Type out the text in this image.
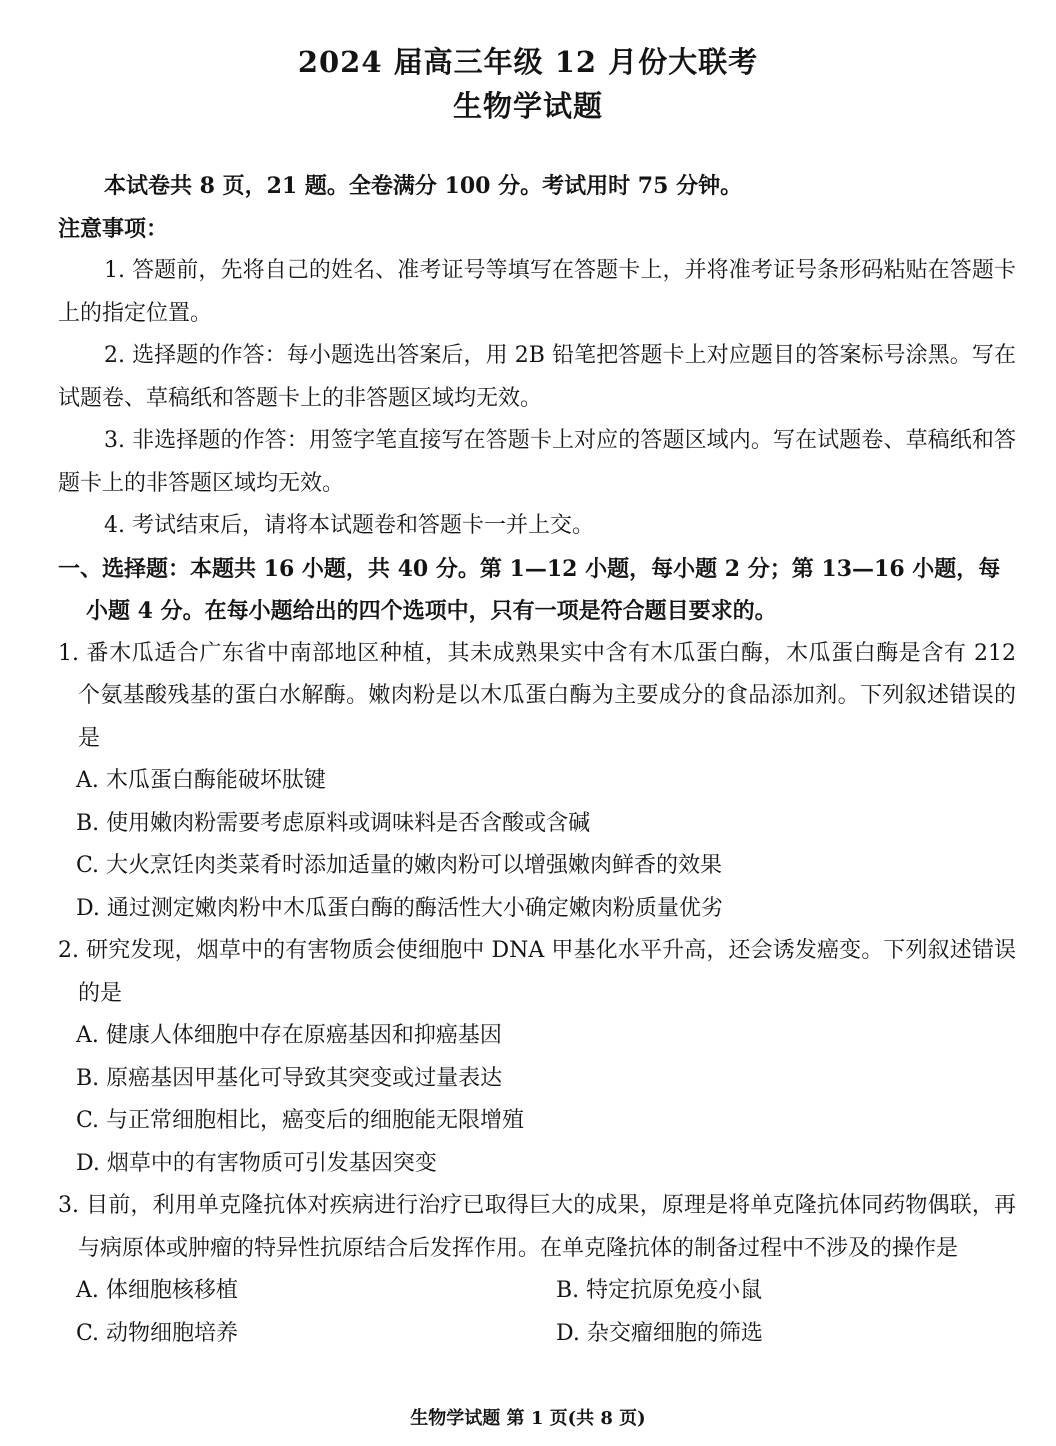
2024 届高三年级 12 月份大联考
生物学试题

本试卷共 8 页，21 题。全卷满分 100 分。考试用时 75 分钟。

注意事项：

1. 答题前，先将自己的姓名、准考证号等填写在答题卡上，并将准考证号条形码粘贴在答题卡上的指定位置。

2. 选择题的作答：每小题选出答案后，用 2B 铅笔把答题卡上对应题目的答案标号涂黑。写在试题卷、草稿纸和答题卡上的非答题区域均无效。

3. 非选择题的作答：用签字笔直接写在答题卡上对应的答题区域内。写在试题卷、草稿纸和答题卡上的非答题区域均无效。

4. 考试结束后，请将本试题卷和答题卡一并上交。

一、选择题：本题共 16 小题，共 40 分。第 1—12 小题，每小题 2 分；第 13—16 小题，每小题 4 分。在每小题给出的四个选项中，只有一项是符合题目要求的。

1. 番木瓜适合广东省中南部地区种植，其未成熟果实中含有木瓜蛋白酶，木瓜蛋白酶是含有 212 个氨基酸残基的蛋白水解酶。嫩肉粉是以木瓜蛋白酶为主要成分的食品添加剂。下列叙述错误的是

A. 木瓜蛋白酶能破坏肽键

B. 使用嫩肉粉需要考虑原料或调味料是否含酸或含碱

C. 大火烹饪肉类菜肴时添加适量的嫩肉粉可以增强嫩肉鲜香的效果

D. 通过测定嫩肉粉中木瓜蛋白酶的酶活性大小确定嫩肉粉质量优劣

2. 研究发现，烟草中的有害物质会使细胞中 DNA 甲基化水平升高，还会诱发癌变。下列叙述错误的是

A. 健康人体细胞中存在原癌基因和抑癌基因

B. 原癌基因甲基化可导致其突变或过量表达

C. 与正常细胞相比，癌变后的细胞能无限增殖

D. 烟草中的有害物质可引发基因突变

3. 目前，利用单克隆抗体对疾病进行治疗已取得巨大的成果，原理是将单克隆抗体同药物偶联，再与病原体或肿瘤的特异性抗原结合后发挥作用。在单克隆抗体的制备过程中不涉及的操作是

A. 体细胞核移植	B. 特定抗原免疫小鼠
C. 动物细胞培养	D. 杂交瘤细胞的筛选
生物学试题 第 1 页(共 8 页)
